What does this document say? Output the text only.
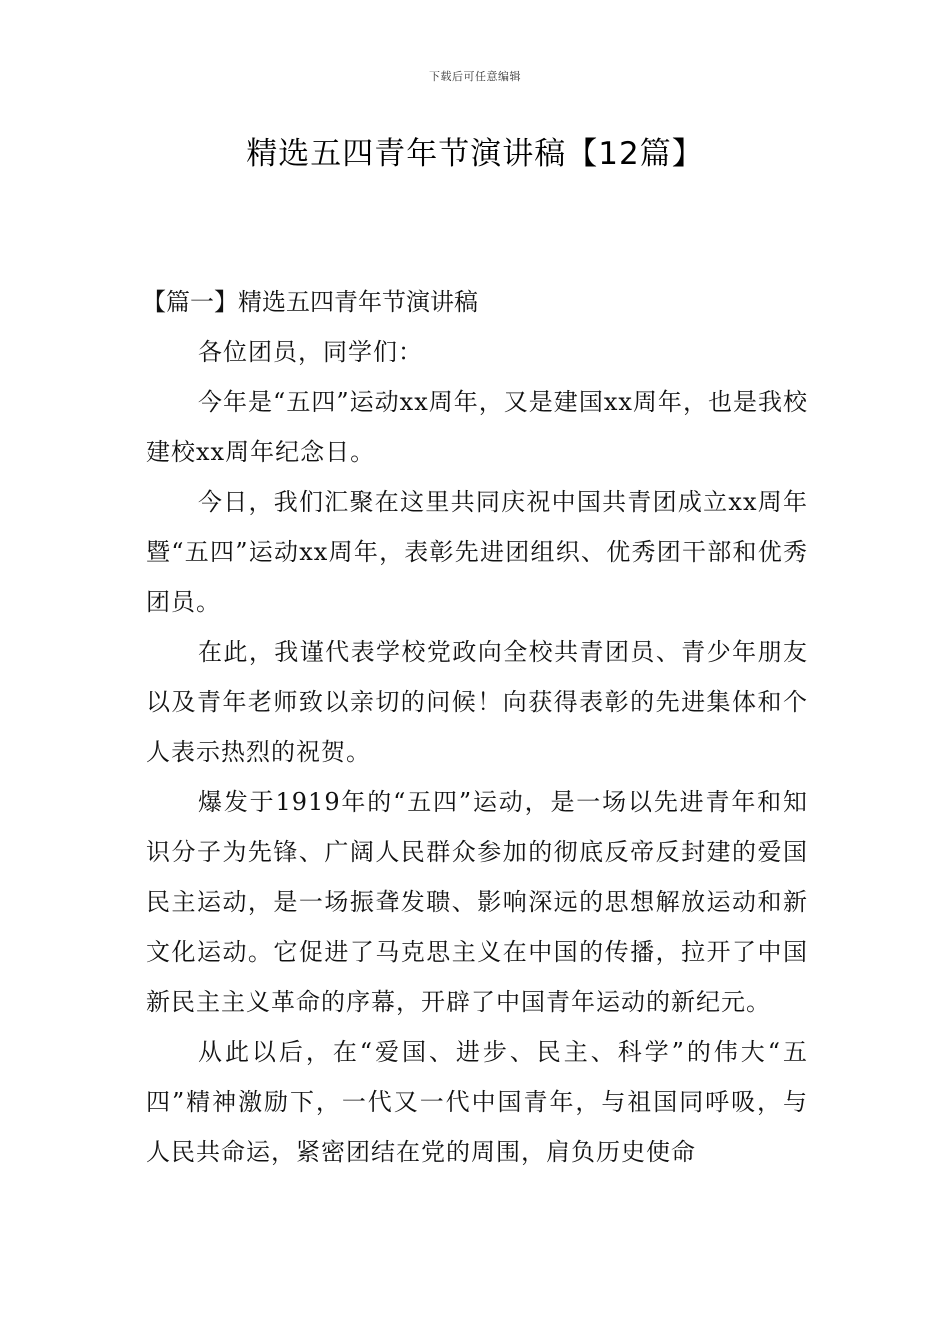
下载后可任意编辑
精选五四青年节演讲稿【12篇】

【篇一】精选五四青年节演讲稿

各位团员，同学们：

今年是“五四”运动xx周年，又是建国xx周年，也是我校建校xx周年纪念日。

今日，我们汇聚在这里共同庆祝中国共青团成立xx周年暨“五四”运动xx周年，表彰先进团组织、优秀团干部和优秀团员。

在此，我谨代表学校党政向全校共青团员、青少年朋友以及青年老师致以亲切的问候！向获得表彰的先进集体和个人表示热烈的祝贺。

爆发于1919年的“五四”运动，是一场以先进青年和知识分子为先锋、广阔人民群众参加的彻底反帝反封建的爱国民主运动，是一场振聋发聩、影响深远的思想解放运动和新文化运动。它促进了马克思主义在中国的传播，拉开了中国新民主主义革命的序幕，开辟了中国青年运动的新纪元。

从此以后，在“爱国、进步、民主、科学”的伟大“五四”精神激励下，一代又一代中国青年，与祖国同呼吸，与人民共命运，紧密团结在党的周围，肩负历史使命
